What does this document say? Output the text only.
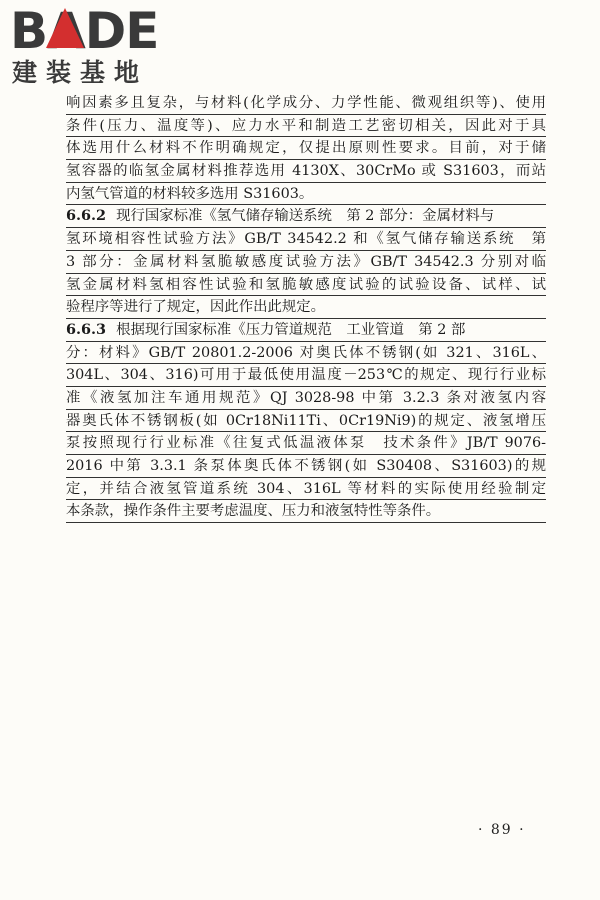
BADE
建装基地
响因素多且复杂，与材料(化学成分、力学性能、微观组织等)、使用
条件(压力、温度等)、应力水平和制造工艺密切相关，因此对于具
体选用什么材料不作明确规定，仅提出原则性要求。目前，对于储
氢容器的临氢金属材料推荐选用 4130X、30CrMo 或 S31603，而站
内氢气管道的材料较多选用 S31603。
6.6.2 现行国家标准《氢气储存输送系统　第 2 部分：金属材料与
氢环境相容性试验方法》GB/T 34542.2 和《氢气储存输送系统　第
3 部分：金属材料氢脆敏感度试验方法》GB/T 34542.3 分别对临
氢金属材料氢相容性试验和氢脆敏感度试验的试验设备、试样、试
验程序等进行了规定，因此作出此规定。
6.6.3 根据现行国家标准《压力管道规范　工业管道　第 2 部
分：材料》GB/T 20801.2-2006 对奥氏体不锈钢(如 321、316L、
304L、304、316)可用于最低使用温度－253℃的规定、现行行业标
准《液氢加注车通用规范》QJ 3028-98 中第 3.2.3 条对液氢内容
器奥氏体不锈钢板(如 0Cr18Ni11Ti、0Cr19Ni9)的规定、液氢增压
泵按照现行行业标准《往复式低温液体泵　技术条件》JB/T 9076-
2016 中第 3.3.1 条泵体奥氏体不锈钢(如 S30408、S31603)的规
定，并结合液氢管道系统 304、316L 等材料的实际使用经验制定
本条款，操作条件主要考虑温度、压力和液氢特性等条件。
· 89 ·
